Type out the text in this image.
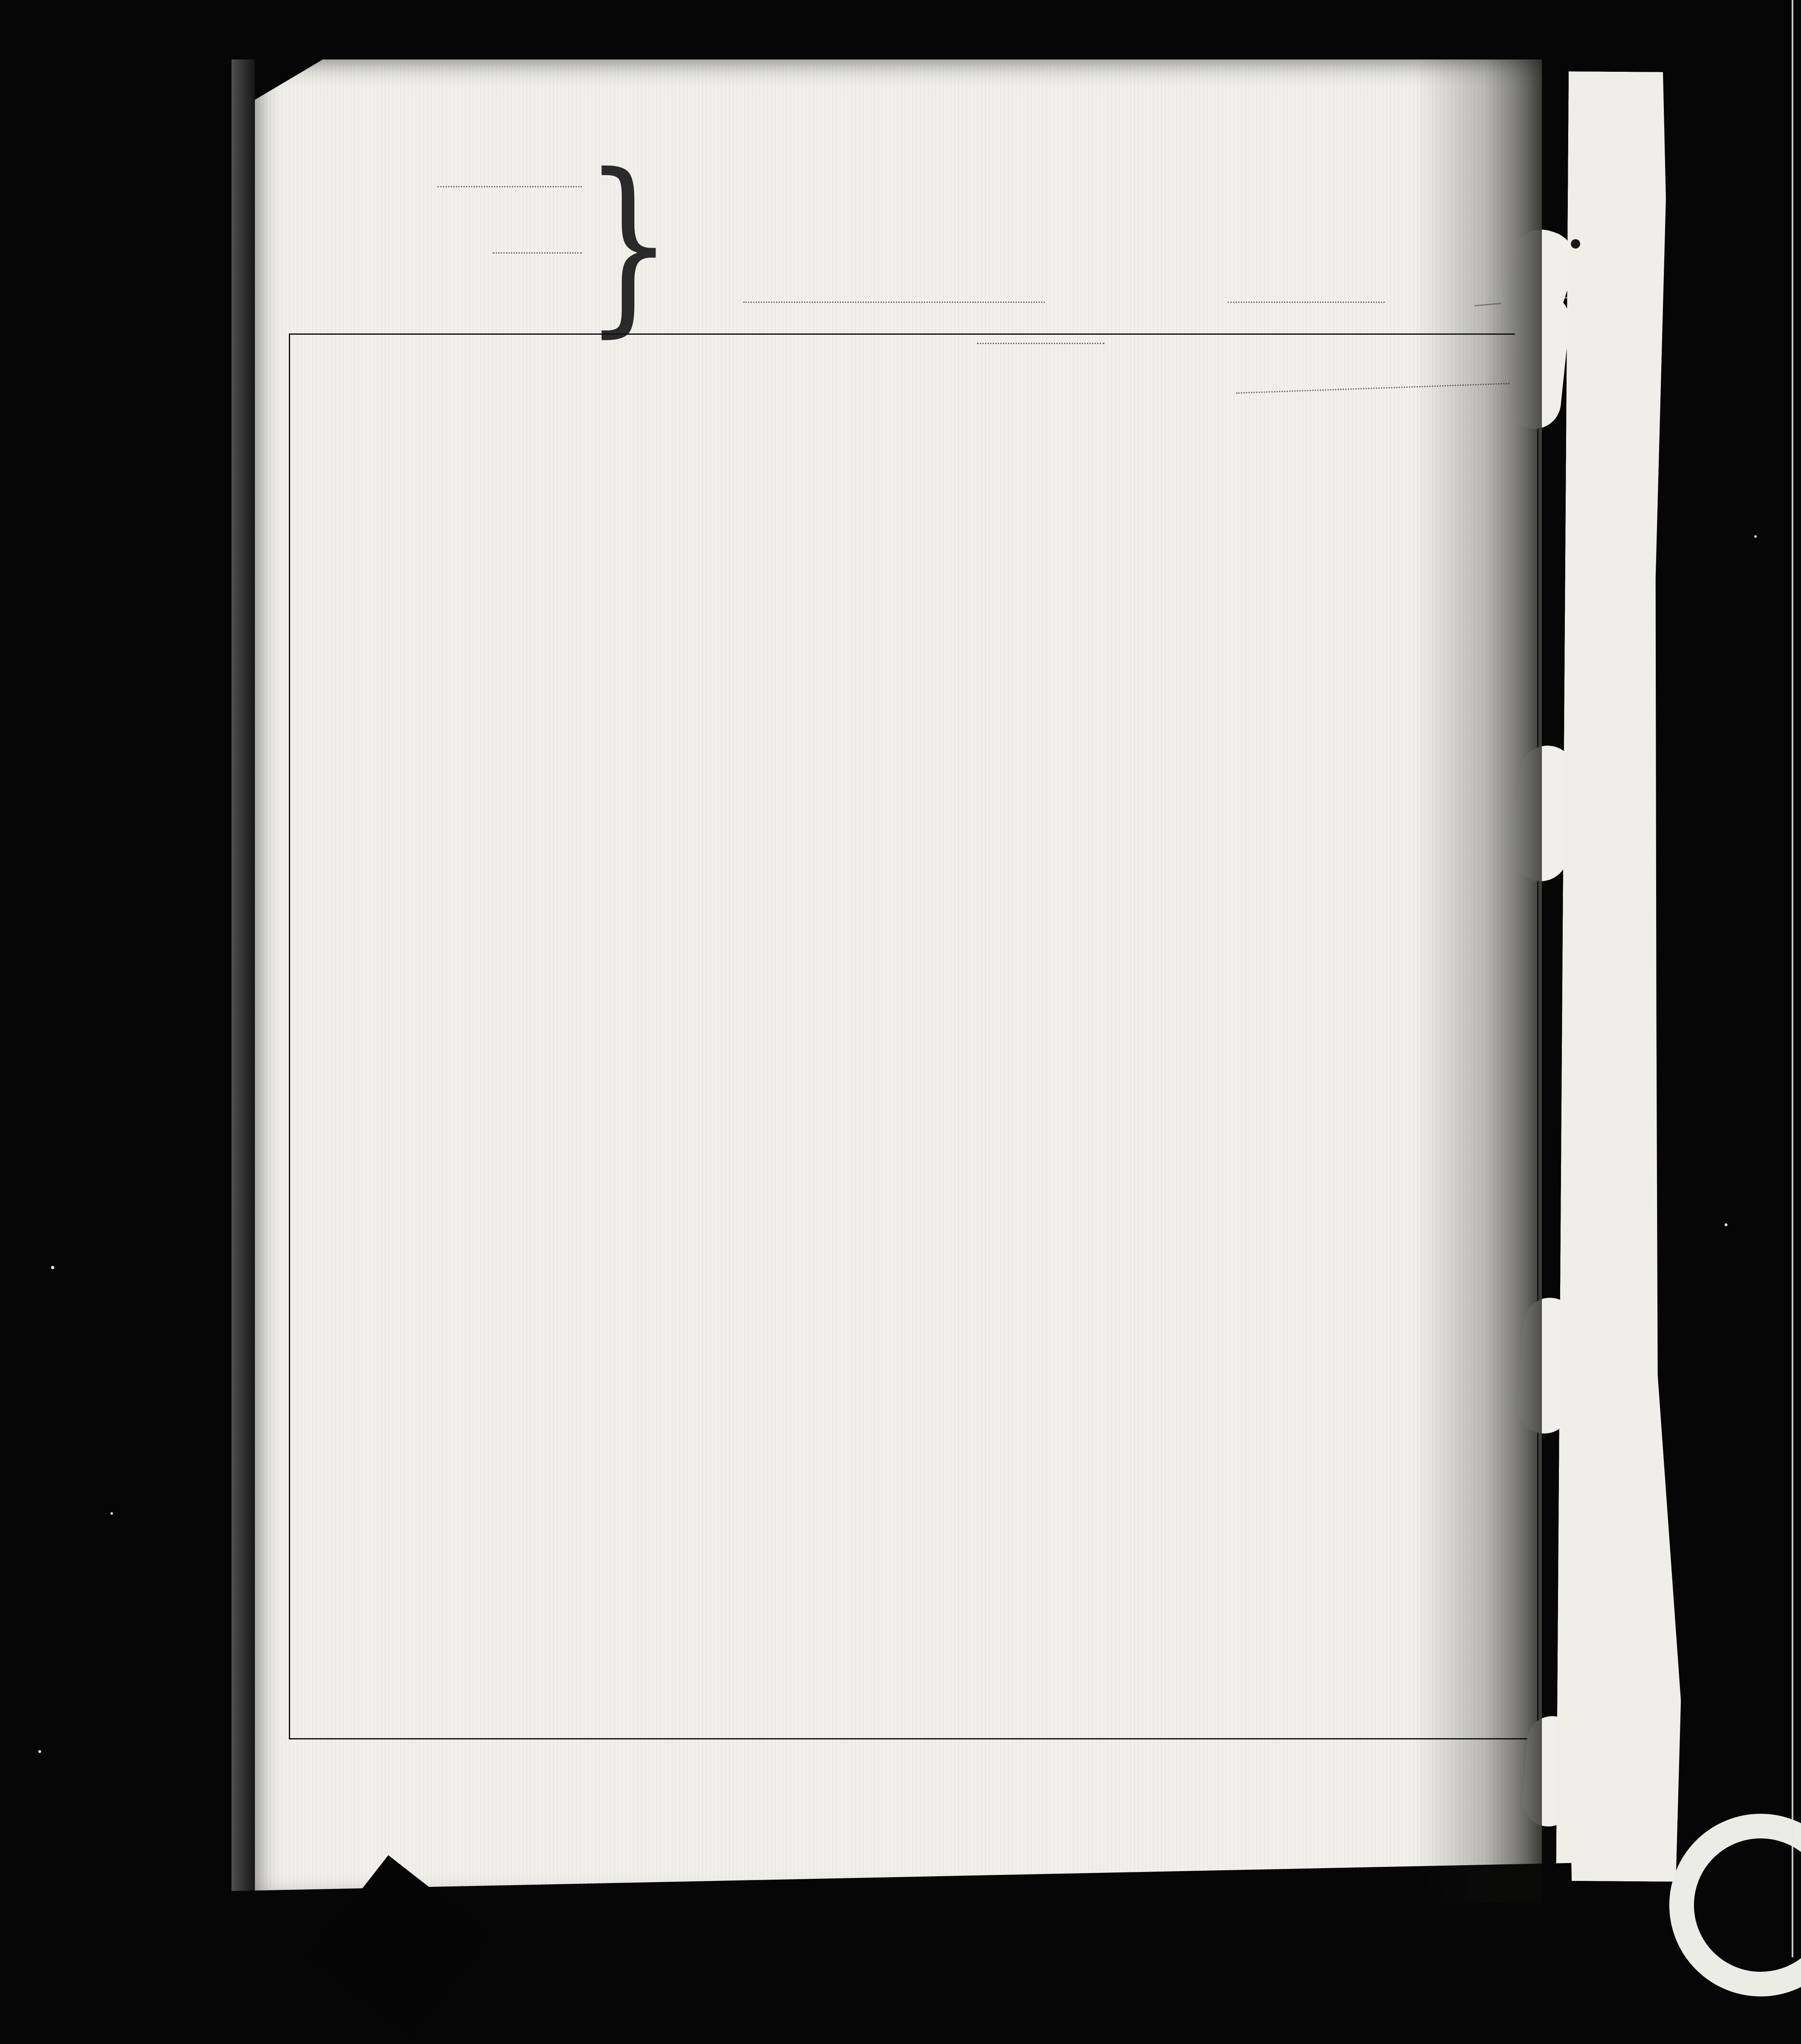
}
